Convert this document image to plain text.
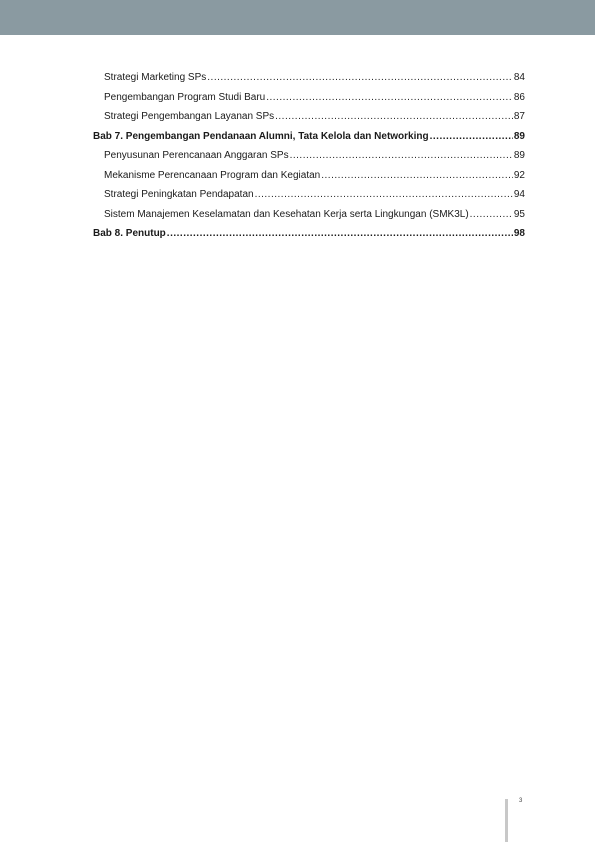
Strategi Marketing SPs .....	84
Pengembangan Program Studi Baru .....	86
Strategi Pengembangan Layanan SPs .....	87
Bab 7. Pengembangan Pendanaan Alumni, Tata Kelola dan Networking .....	89
Penyusunan Perencanaan Anggaran SPs .....	89
Mekanisme Perencanaan Program dan Kegiatan .....	92
Strategi Peningkatan Pendapatan .....	94
Sistem Manajemen Keselamatan dan Kesehatan Kerja serta Lingkungan (SMK3L) .....	95
Bab 8. Penutup .....	98
3
